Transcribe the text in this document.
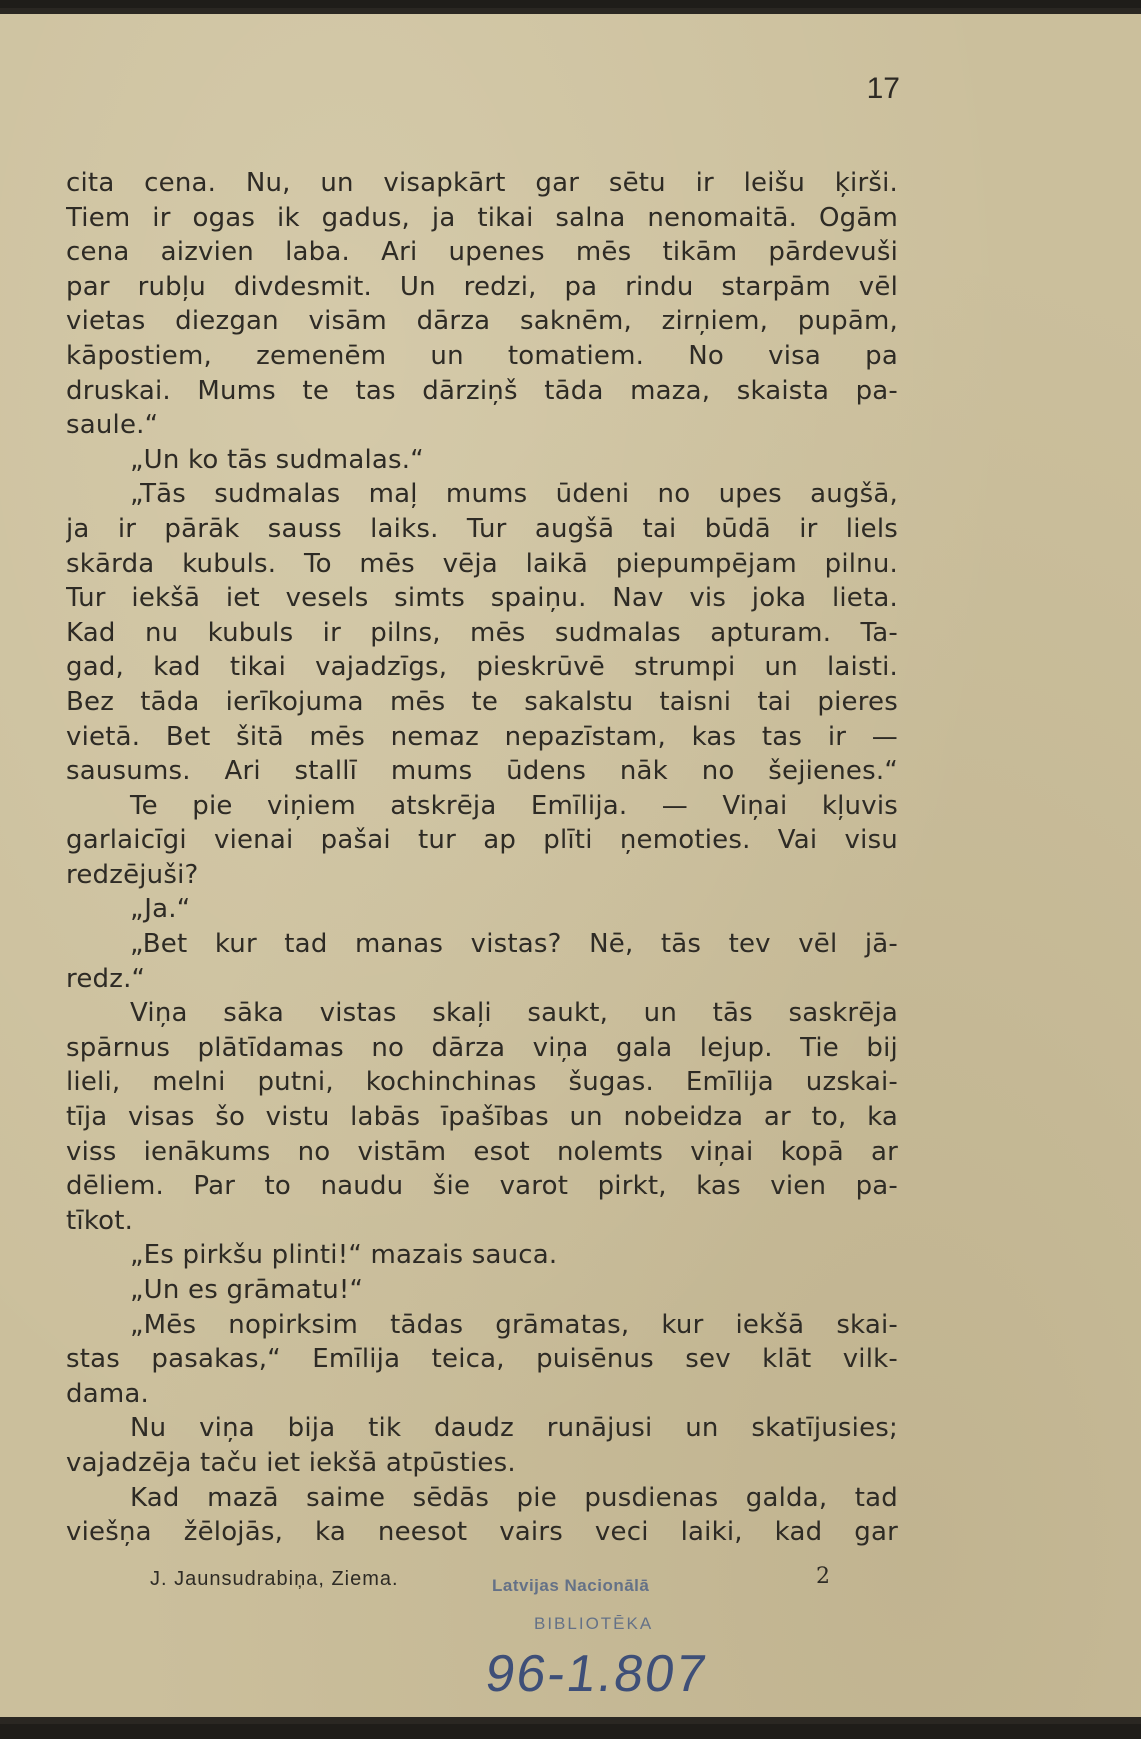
17
cita cena. Nu, un visapkārt gar sētu ir leišu ķirši.
Tiem ir ogas ik gadus, ja tikai salna nenomaitā. Ogām
cena aizvien laba. Ari upenes mēs tikām pārdevuši
par rubļu divdesmit. Un redzi, pa rindu starpām vēl
vietas diezgan visām dārza saknēm, zirņiem, pupām,
kāpostiem, zemenēm un tomatiem. No visa pa
druskai. Mums te tas dārziņš tāda maza, skaista pa-
saule.“
„Un ko tās sudmalas.“
„Tās sudmalas maļ mums ūdeni no upes augšā,
ja ir pārāk sauss laiks. Tur augšā tai būdā ir liels
skārda kubuls. To mēs vēja laikā piepumpējam pilnu.
Tur iekšā iet vesels simts spaiņu. Nav vis joka lieta.
Kad nu kubuls ir pilns, mēs sudmalas apturam. Ta-
gad, kad tikai vajadzīgs, pieskrūvē strumpi un laisti.
Bez tāda ierīkojuma mēs te sakalstu taisni tai pieres
vietā. Bet šitā mēs nemaz nepazīstam, kas tas ir —
sausums. Ari stallī mums ūdens nāk no šejienes.“
Te pie viņiem atskrēja Emīlija. — Viņai kļuvis
garlaicīgi vienai pašai tur ap plīti ņemoties. Vai visu
redzējuši?
„Ja.“
„Bet kur tad manas vistas? Nē, tās tev vēl jā-
redz.“
Viņa sāka vistas skaļi saukt, un tās saskrēja
spārnus plātīdamas no dārza viņa gala lejup. Tie bij
lieli, melni putni, kochinchinas šugas. Emīlija uzskai-
tīja visas šo vistu labās īpašības un nobeidza ar to, ka
viss ienākums no vistām esot nolemts viņai kopā ar
dēliem. Par to naudu šie varot pirkt, kas vien pa-
tīkot.
„Es pirkšu plinti!“ mazais sauca.
„Un es grāmatu!“
„Mēs nopirksim tādas grāmatas, kur iekšā skai-
stas pasakas,“ Emīlija teica, puisēnus sev klāt vilk-
dama.
Nu viņa bija tik daudz runājusi un skatījusies;
vajadzēja taču iet iekšā atpūsties.
Kad mazā saime sēdās pie pusdienas galda, tad
viešņa žēlojās, ka neesot vairs veci laiki, kad gar
J. Jaunsudrabiņa, Ziema.	2
Latvijas Nacionālā
BIBLIOTĒKA
96-1.807
